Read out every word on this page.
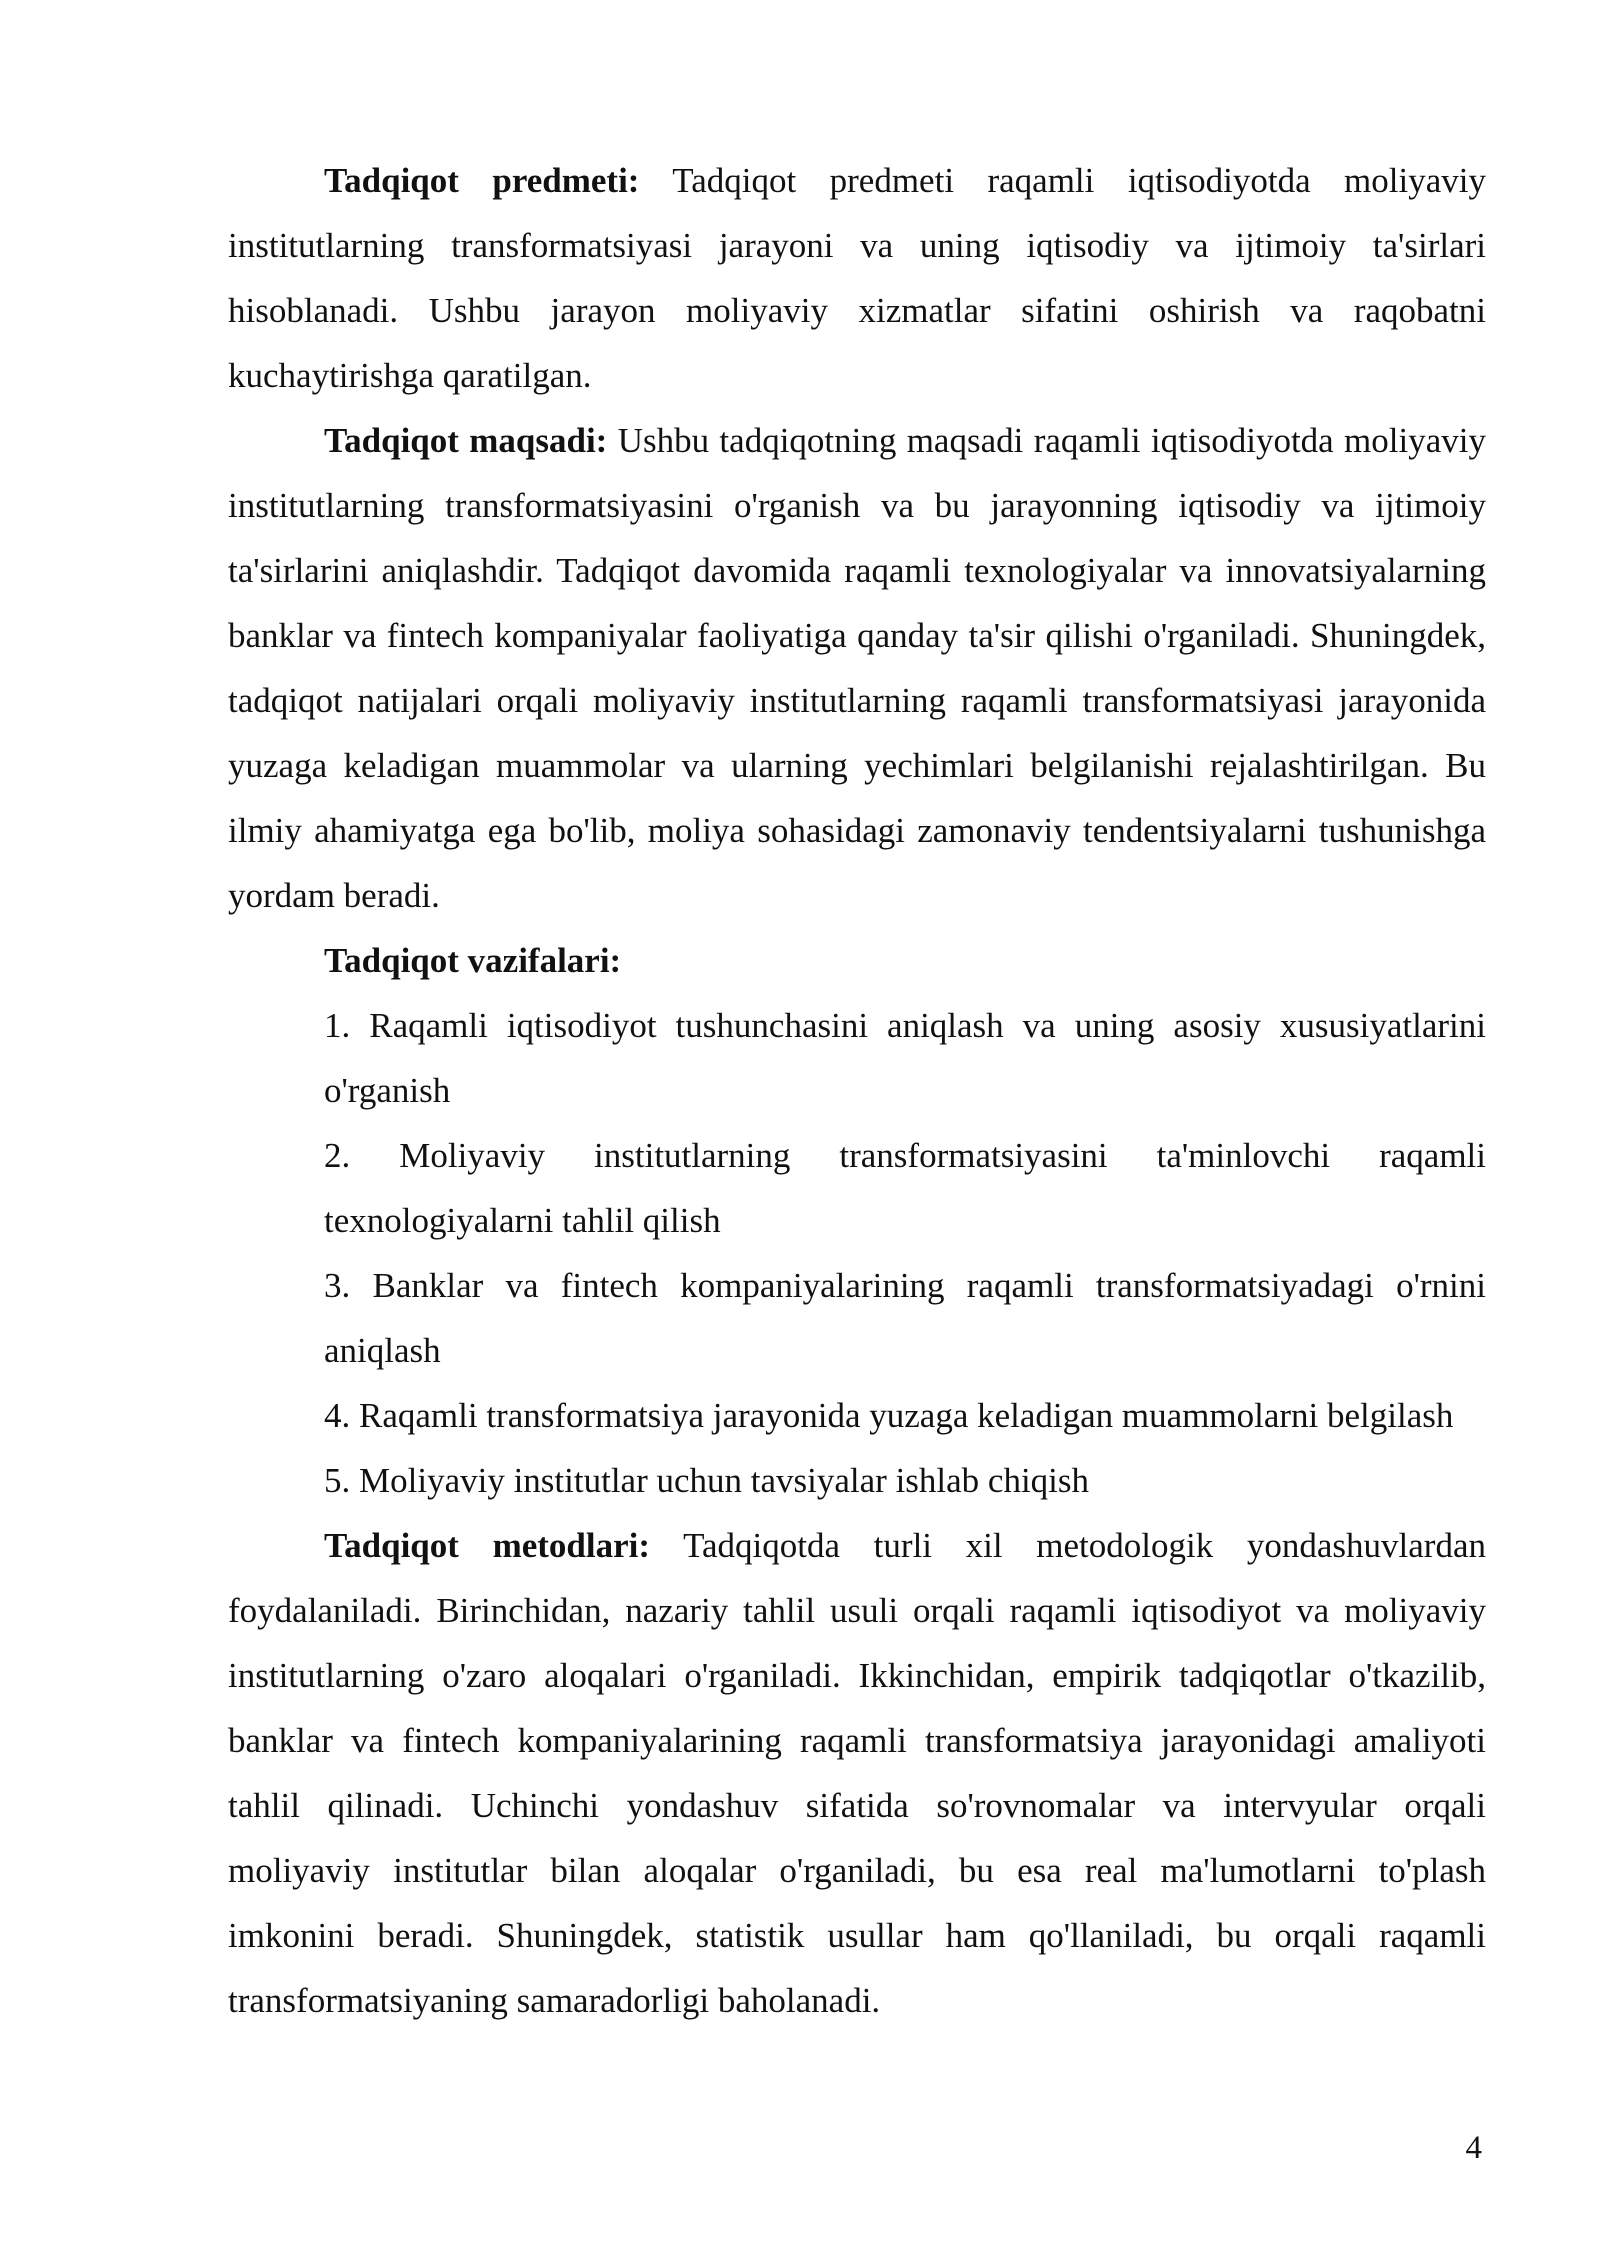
Tadqiqot predmeti: Tadqiqot predmeti raqamli iqtisodiyotda moliyaviy institutlarning transformatsiyasi jarayoni va uning iqtisodiy va ijtimoiy ta'sirlari hisoblanadi. Ushbu jarayon moliyaviy xizmatlar sifatini oshirish va raqobatni kuchaytirishga qaratilgan.

Tadqiqot maqsadi: Ushbu tadqiqotning maqsadi raqamli iqtisodiyotda moliyaviy institutlarning transformatsiyasini o'rganish va bu jarayonning iqtisodiy va ijtimoiy ta'sirlarini aniqlashdir. Tadqiqot davomida raqamli texnologiyalar va innovatsiyalarning banklar va fintech kompaniyalar faoliyatiga qanday ta'sir qilishi o'rganiladi. Shuningdek, tadqiqot natijalari orqali moliyaviy institutlarning raqamli transformatsiyasi jarayonida yuzaga keladigan muammolar va ularning yechimlari belgilanishi rejalashtirilgan. Bu ilmiy ahamiyatga ega bo'lib, moliya sohasidagi zamonaviy tendentsiyalarni tushunishga yordam beradi.

Tadqiqot vazifalari:

1. Raqamli iqtisodiyot tushunchasini aniqlash va uning asosiy xususiyatlarini o'rganish

2. Moliyaviy institutlarning transformatsiyasini ta'minlovchi raqamli texnologiyalarni tahlil qilish

3. Banklar va fintech kompaniyalarining raqamli transformatsiyadagi o'rnini aniqlash

4. Raqamli transformatsiya jarayonida yuzaga keladigan muammolarni belgilash

5. Moliyaviy institutlar uchun tavsiyalar ishlab chiqish

Tadqiqot metodlari: Tadqiqotda turli xil metodologik yondashuvlardan foydalaniladi. Birinchidan, nazariy tahlil usuli orqali raqamli iqtisodiyot va moliyaviy institutlarning o'zaro aloqalari o'rganiladi. Ikkinchidan, empirik tadqiqotlar o'tkazilib, banklar va fintech kompaniyalarining raqamli transformatsiya jarayonidagi amaliyoti tahlil qilinadi. Uchinchi yondashuv sifatida so'rovnomalar va intervyular orqali moliyaviy institutlar bilan aloqalar o'rganiladi, bu esa real ma'lumotlarni to'plash imkonini beradi. Shuningdek, statistik usullar ham qo'llaniladi, bu orqali raqamli transformatsiyaning samaradorligi baholanadi.

4
